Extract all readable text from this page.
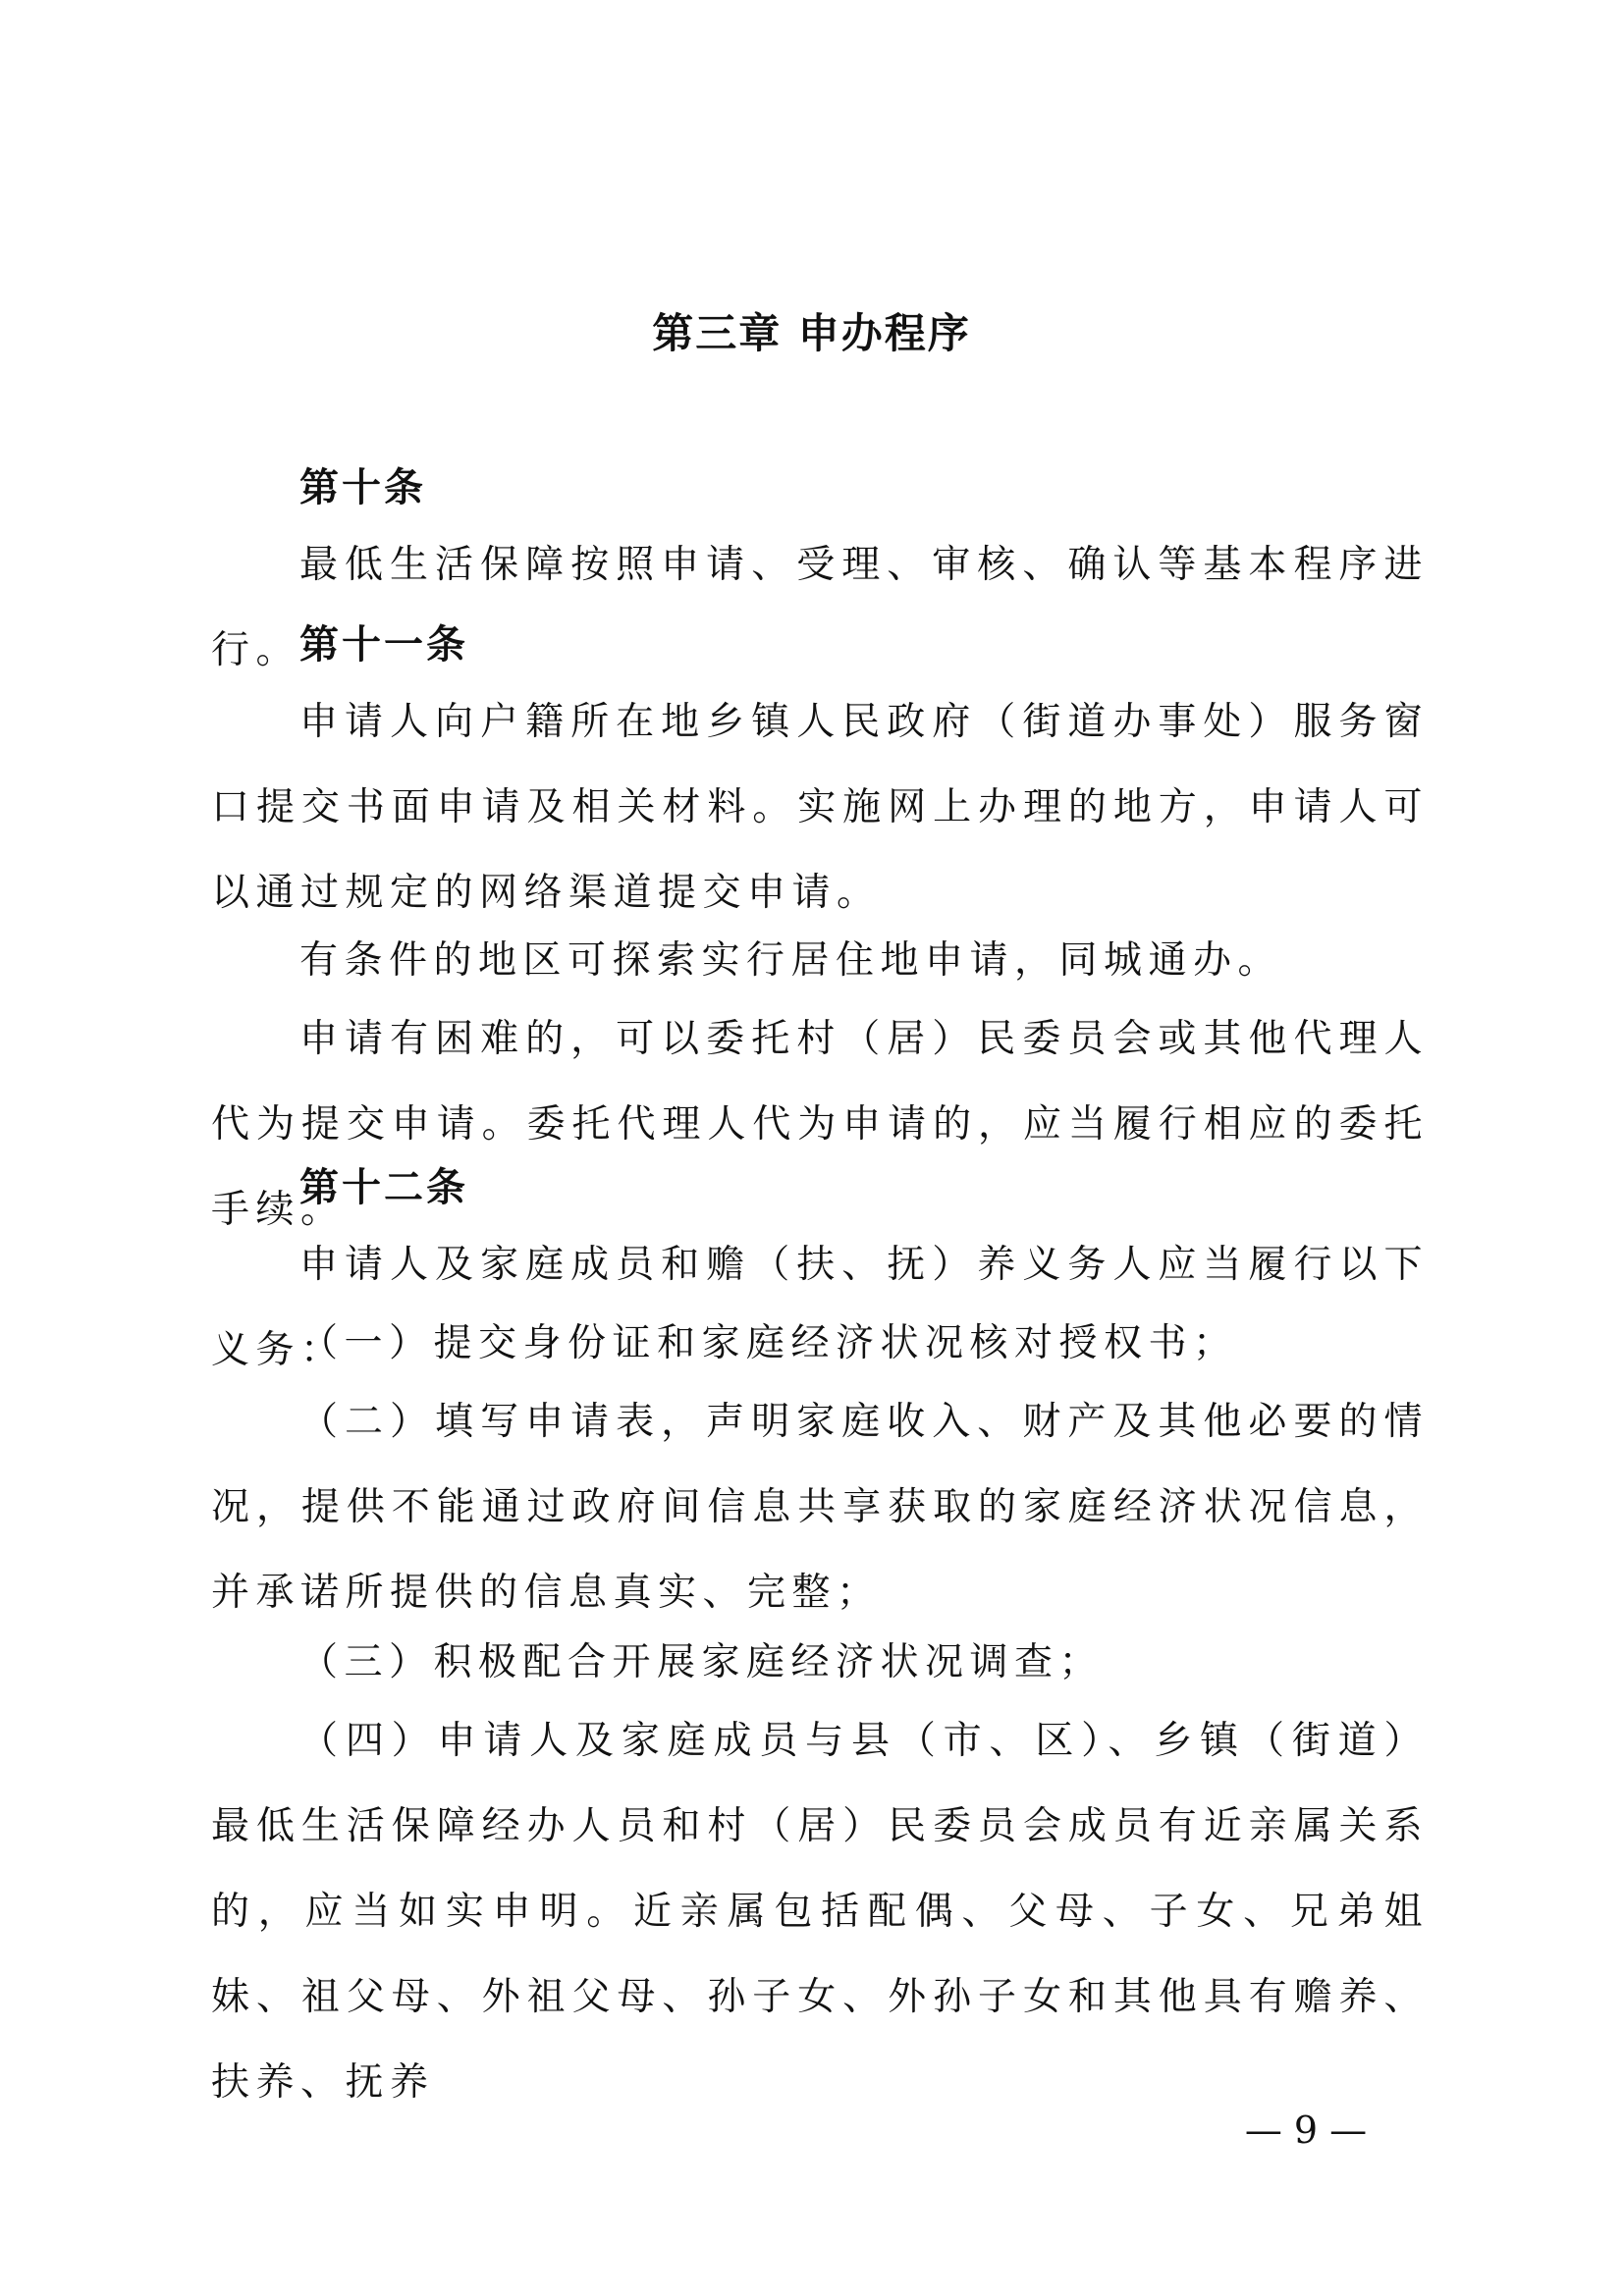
第三章 申办程序
第十条
最低生活保障按照申请、受理、审核、确认等基本程序进行。
第十一条
申请人向户籍所在地乡镇人民政府（街道办事处）服务窗口提交书面申请及相关材料。实施网上办理的地方，申请人可以通过规定的网络渠道提交申请。
有条件的地区可探索实行居住地申请，同城通办。
申请有困难的，可以委托村（居）民委员会或其他代理人代为提交申请。委托代理人代为申请的，应当履行相应的委托手续。
第十二条
申请人及家庭成员和赡（扶、抚）养义务人应当履行以下义务：
（一）提交身份证和家庭经济状况核对授权书；
（二）填写申请表，声明家庭收入、财产及其他必要的情况，提供不能通过政府间信息共享获取的家庭经济状况信息，并承诺所提供的信息真实、完整；
（三）积极配合开展家庭经济状况调查；
（四）申请人及家庭成员与县（市、区）、乡镇（街道）最低生活保障经办人员和村（居）民委员会成员有近亲属关系的，应当如实申明。近亲属包括配偶、父母、子女、兄弟姐妹、祖父母、外祖父母、孙子女、外孙子女和其他具有赡养、扶养、抚养
— 9 —
